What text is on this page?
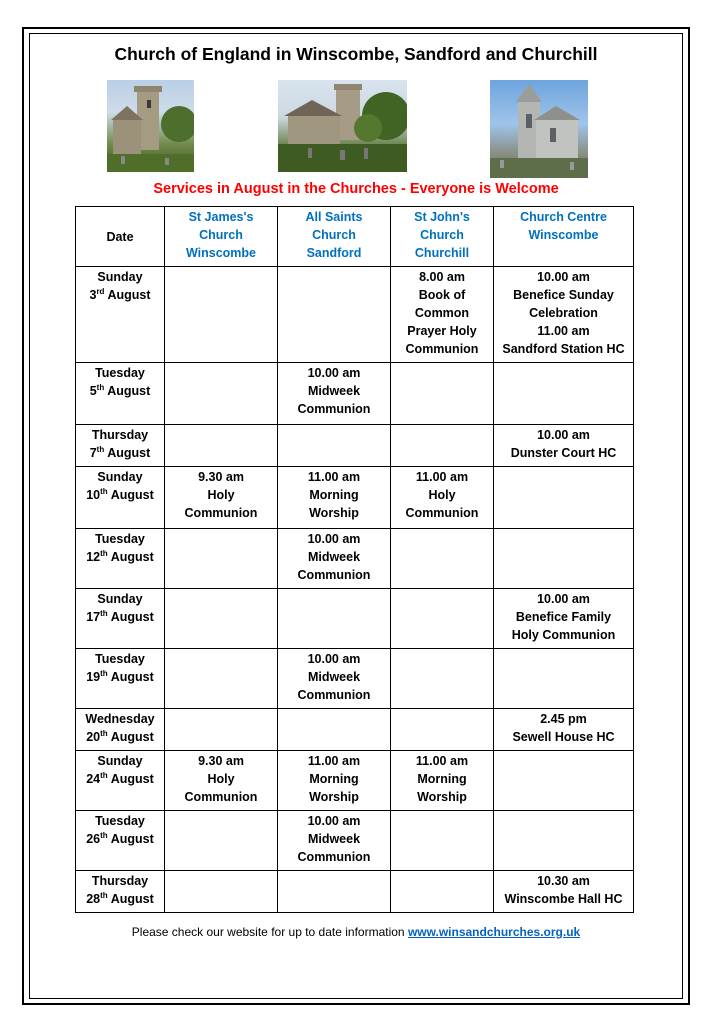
Church of England in Winscombe, Sandford and Churchill
Services in August in the Churches - Everyone is Welcome
Date	St James's
Church
Winscombe	All Saints
Church
Sandford	St John's
Church
Churchill	Church Centre
Winscombe

Sunday
3rd August			8.00 am
Book of
Common
Prayer Holy
Communion	10.00 am
Benefice Sunday
Celebration
11.00 am
Sandford Station HC

Tuesday
5th August		10.00 am
Midweek
Communion		

Thursday
7th August				10.00 am
Dunster Court HC

Sunday
10th August	9.30 am
Holy
Communion	11.00 am
Morning
Worship	11.00 am
Holy
Communion	

Tuesday
12th August		10.00 am
Midweek
Communion		

Sunday
17th August				10.00 am
Benefice Family
Holy Communion

Tuesday
19th August		10.00 am
Midweek
Communion		

Wednesday
20th August				2.45 pm
Sewell House HC

Sunday
24th August	9.30 am
Holy
Communion	11.00 am
Morning
Worship	11.00 am
Morning
Worship	

Tuesday
26th August		10.00 am
Midweek
Communion		

Thursday
28th August				10.30 am
Winscombe Hall HC
Please check our website for up to date information www.winsandchurches.org.uk
